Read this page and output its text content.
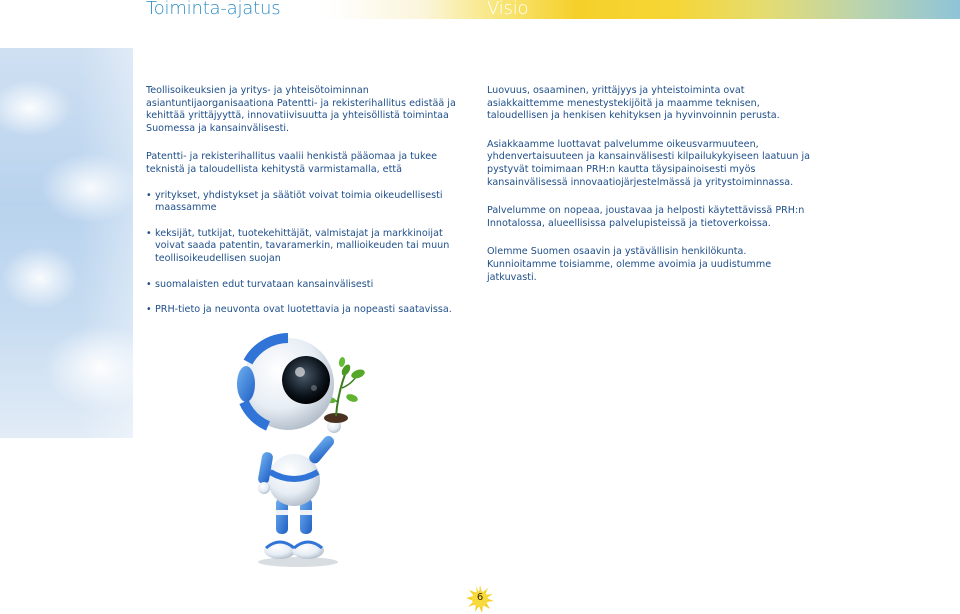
Toiminta-ajatus	Visio

Teollisoikeuksien ja yritys- ja yhteisötoiminnan asiantuntijaorganisaationa Patentti- ja rekisterihallitus edistää ja kehittää yrittäjyyttä, innovatiivisuutta ja yhteisöllistä toimintaa Suomessa ja kansainvälisesti.

Patentti- ja rekisterihallitus vaalii henkistä pääomaa ja tukee teknistä ja taloudellista kehitystä varmistamalla, että

• yritykset, yhdistykset ja säätiöt voivat toimia oikeudellisesti maassamme
• keksijät, tutkijat, tuotekehittäjät, valmistajat ja markkinoijat voivat saada patentin, tavaramerkin, mallioikeuden tai muun teollisoikeudellisen suojan
• suomalaisten edut turvataan kansainvälisesti
• PRH-tieto ja neuvonta ovat luotettavia ja nopeasti saatavissa.

Luovuus, osaaminen, yrittäjyys ja yhteistoiminta ovat asiakkaittemme menestystekijöitä ja maamme teknisen, taloudellisen ja henkisen kehityksen ja hyvinvoinnin perusta.

Asiakkaamme luottavat palvelumme oikeusvarmuuteen, yhdenvertaisuuteen ja kansainvälisesti kilpailukykyiseen laatuun ja pystyvät toimimaan PRH:n kautta täysipainoisesti myös kansainvälisessä innovaatiojärjestelmässä ja yritystoiminnassa.

Palvelumme on nopeaa, joustavaa ja helposti käytettävissä PRH:n Innotalossa, alueellisissa palvelupisteissä ja tietoverkoissa.

Olemme Suomen osaavin ja ystävällisin henkilökunta. Kunnioitamme toisiamme, olemme avoimia ja uudistumme jatkuvasti.

6
